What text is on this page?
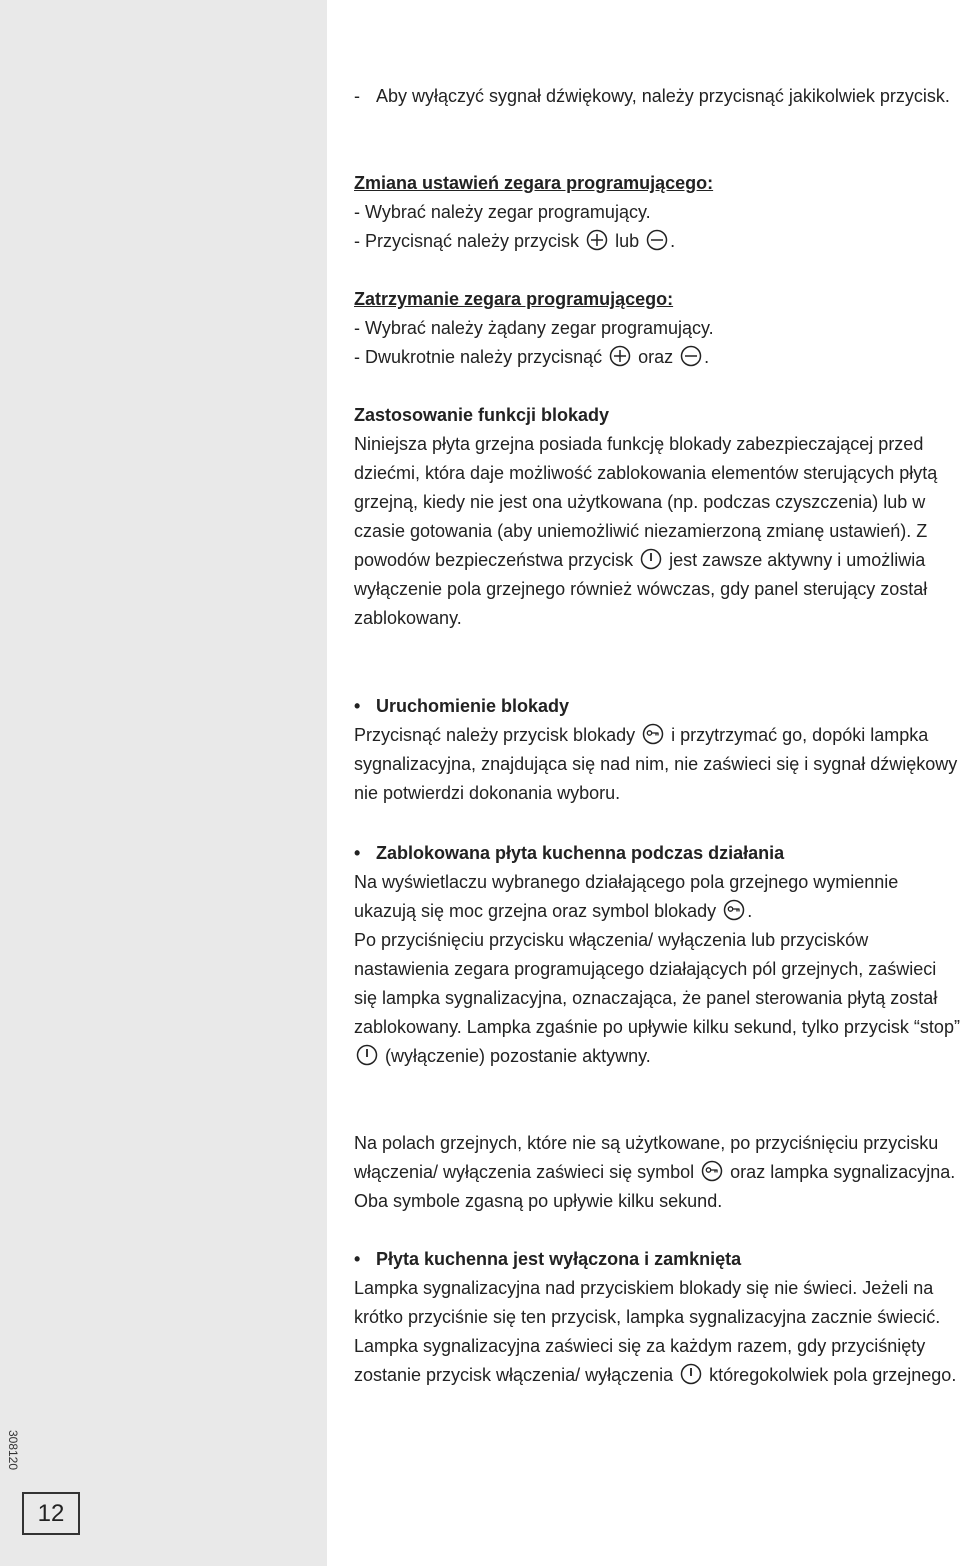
308120
12
- Aby wyłączyć sygnał dźwiękowy, należy przycisnąć jakikolwiek przycisk.

Zmiana ustawień zegara programującego:

- Wybrać należy zegar programujący.

- Przycisnąć należy przycisk lub .

Zatrzymanie zegara programującego:

- Wybrać należy żądany zegar programujący.

- Dwukrotnie należy przycisnąć oraz .

Zastosowanie funkcji blokady

Niniejsza płyta grzejna posiada funkcję blokady zabezpieczającej przed dziećmi, która daje możliwość zablokowania elementów sterujących płytą grzejną, kiedy nie jest ona użytkowana (np. podczas czyszczenia) lub w czasie gotowania (aby uniemożliwić niezamierzoną zmianę ustawień). Z powodów bezpieczeństwa przycisk jest zawsze aktywny i umożliwia wyłączenie pola grzejnego również wówczas, gdy panel sterujący został zablokowany.

• Uruchomienie blokady

Przycisnąć należy przycisk blokady i przytrzymać go, dopóki lampka sygnalizacyjna, znajdująca się nad nim, nie zaświeci się i sygnał dźwiękowy nie potwierdzi dokonania wyboru.

• Zablokowana płyta kuchenna podczas działania

Na wyświetlaczu wybranego działającego pola grzejnego wymiennie ukazują się moc grzejna oraz symbol blokady .

Po przyciśnięciu przycisku włączenia/ wyłączenia lub przycisków nastawienia zegara programującego działających pól grzejnych, zaświeci się lampka sygnalizacyjna, oznaczająca, że panel sterowania płytą został zablokowany. Lampka zgaśnie po upływie kilku sekund, tylko przycisk “stop”
(wyłączenie) pozostanie aktywny.

Na polach grzejnych, które nie są użytkowane, po przyciśnięciu przycisku włączenia/ wyłączenia zaświeci się symbol oraz lampka sygnalizacyjna. Oba symbole zgasną po upływie kilku sekund.

• Płyta kuchenna jest wyłączona i zamknięta

Lampka sygnalizacyjna nad przyciskiem blokady się nie świeci. Jeżeli na krótko przyciśnie się ten przycisk, lampka sygnalizacyjna zacznie świecić. Lampka sygnalizacyjna zaświeci się za każdym razem, gdy przyciśnięty zostanie przycisk włączenia/ wyłączenia któregokolwiek pola grzejnego.
